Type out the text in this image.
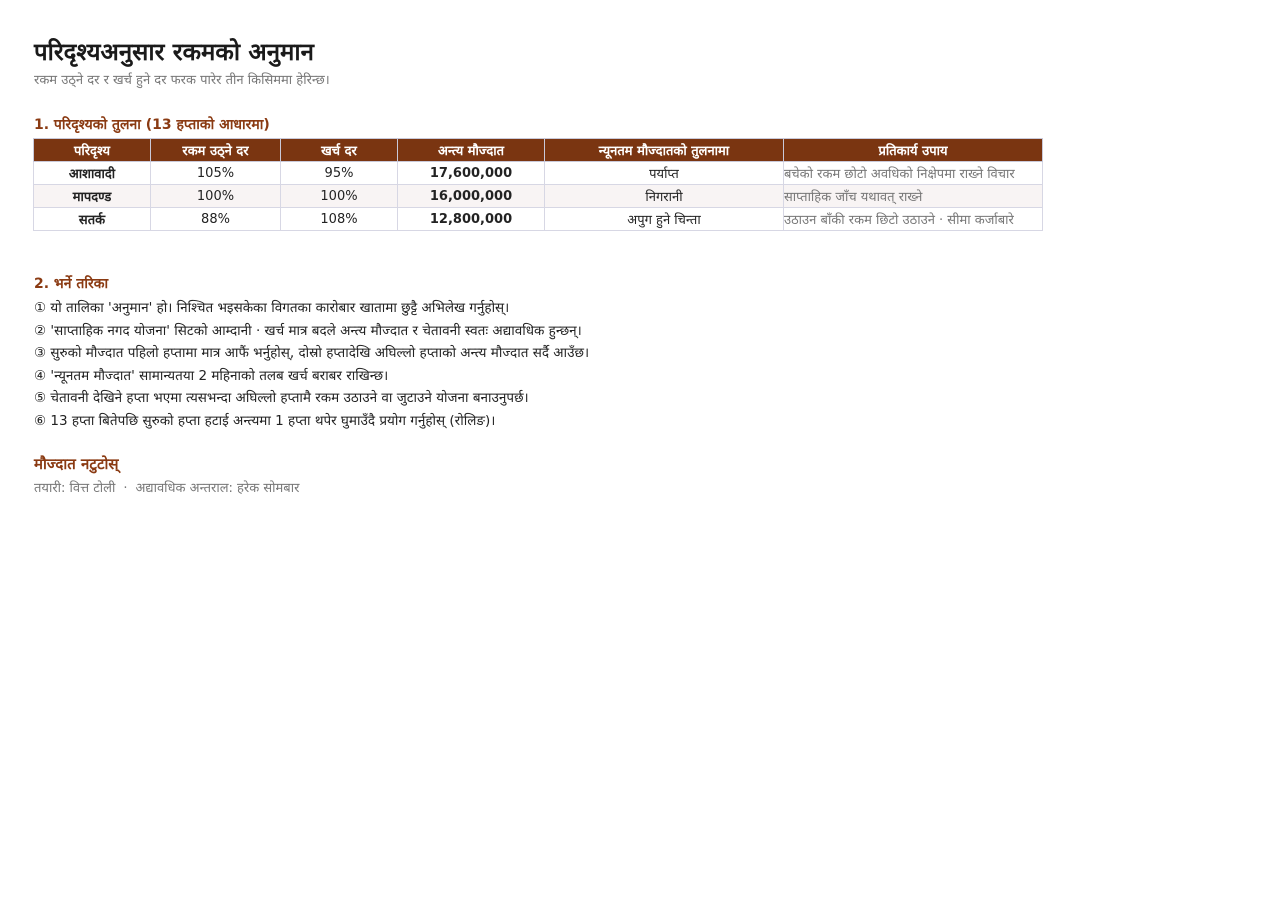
परिदृश्यअनुसार रकमको अनुमान
रकम उठ्ने दर र खर्च हुने दर फरक पारेर तीन किसिममा हेरिन्छ।
1. परिदृश्यको तुलना (13 हप्ताको आधारमा)
परिदृश्य	रकम उठ्ने दर	खर्च दर	अन्त्य मौज्दात	न्यूनतम मौज्दातको तुलनामा	प्रतिकार्य उपाय
आशावादी	105%	95%	17,600,000	पर्याप्त	बचेको रकम छोटो अवधिको निक्षेपमा राख्ने विचार
मापदण्ड	100%	100%	16,000,000	निगरानी	साप्ताहिक जाँच यथावत् राख्ने
सतर्क	88%	108%	12,800,000	अपुग हुने चिन्ता	उठाउन बाँकी रकम छिटो उठाउने · सीमा कर्जाबारे
2. भर्ने तरिका
① यो तालिका 'अनुमान' हो। निश्चित भइसकेका विगतका कारोबार खातामा छुट्टै अभिलेख गर्नुहोस्।
② 'साप्ताहिक नगद योजना' सिटको आम्दानी · खर्च मात्र बदले अन्त्य मौज्दात र चेतावनी स्वतः अद्यावधिक हुन्छन्।
③ सुरुको मौज्दात पहिलो हप्तामा मात्र आफैं भर्नुहोस्, दोस्रो हप्तादेखि अघिल्लो हप्ताको अन्त्य मौज्दात सर्दै आउँछ।
④ 'न्यूनतम मौज्दात' सामान्यतया 2 महिनाको तलब खर्च बराबर राखिन्छ।
⑤ चेतावनी देखिने हप्ता भएमा त्यसभन्दा अघिल्लो हप्तामै रकम उठाउने वा जुटाउने योजना बनाउनुपर्छ।
⑥ 13 हप्ता बितेपछि सुरुको हप्ता हटाई अन्त्यमा 1 हप्ता थपेर घुमाउँदै प्रयोग गर्नुहोस् (रोलिङ)।
मौज्दात नटुटोस्
तयारी: वित्त टोली · अद्यावधिक अन्तराल: हरेक सोमबार
